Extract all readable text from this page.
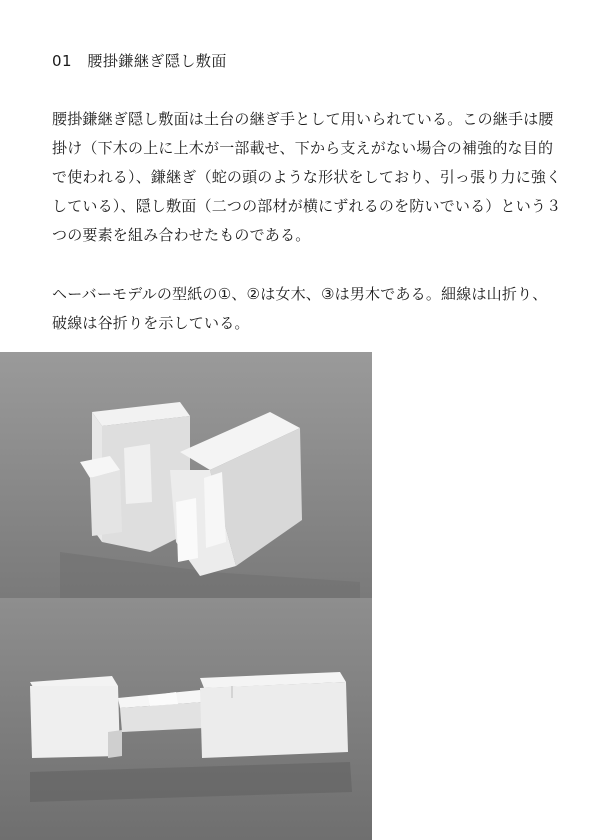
01 腰掛鎌継ぎ隠し敷面

腰掛鎌継ぎ隠し敷面は土台の継ぎ手として用いられている。この継手は腰掛け（下木の上に上木が一部載せ、下から支えがない場合の補強的な目的で使われる）、鎌継ぎ（蛇の頭のような形状をしており、引っ張り力に強くしている）、隠し敷面（二つの部材が横にずれるのを防いでいる）という３つの要素を組み合わせたものである。

ヘーバーモデルの型紙の①、②は女木、③は男木である。細線は山折り、破線は谷折りを示している。
